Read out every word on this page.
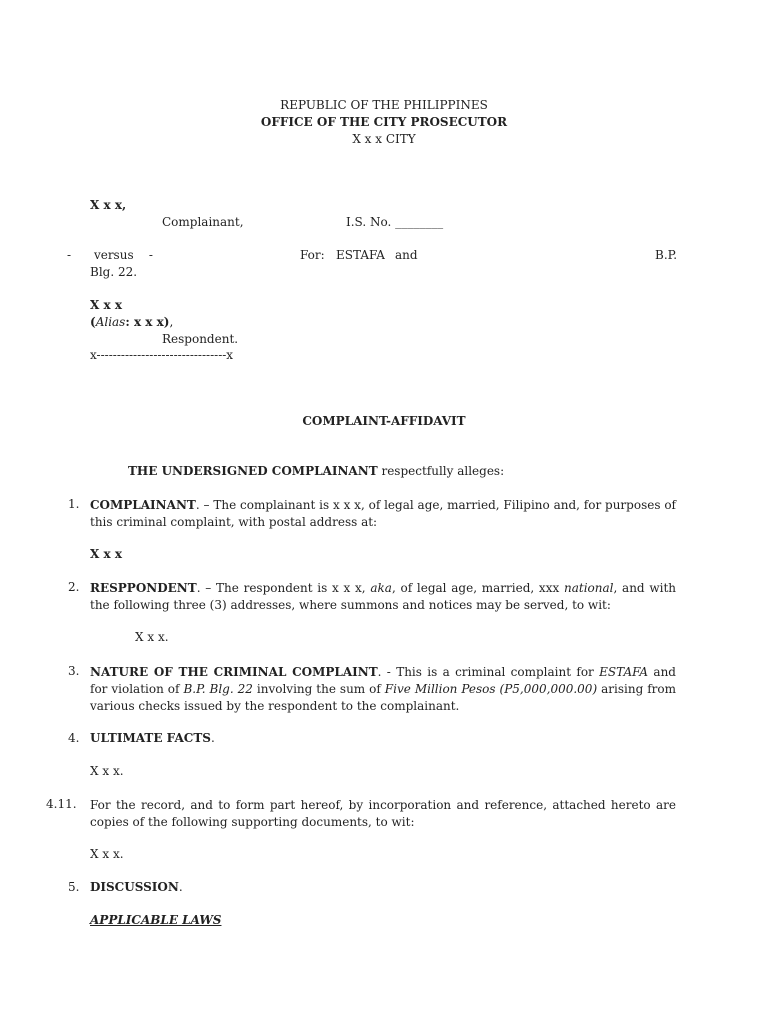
REPUBLIC OF THE PHILIPPINES
OFFICE OF THE CITY PROSECUTOR
X x x CITY
X x x,
Complainant,	I.S. No. ________
-      versus    -	For: ESTAFA and	B.P.
Blg. 22.
X x x
(Alias: x x x),
Respondent.
x--------------------------------x
COMPLAINT-AFFIDAVIT
THE UNDERSIGNED COMPLAINANT respectfully alleges:
1. COMPLAINANT. – The complainant is x x x, of legal age, married, Filipino and, for purposes of this criminal complaint, with postal address at:
X x x
2. RESPPONDENT. – The respondent is x x x, aka, of legal age, married, xxx national, and with the following three (3) addresses, where summons and notices may be served, to wit:
X x x.
3. NATURE OF THE CRIMINAL COMPLAINT. - This is a criminal complaint for ESTAFA and for violation of B.P. Blg. 22 involving the sum of Five Million Pesos (P5,000,000.00) arising from various checks issued by the respondent to the complainant.
4. ULTIMATE FACTS.
X x x.
4.11. For the record, and to form part hereof, by incorporation and reference, attached hereto are copies of the following supporting documents, to wit:
X x x.
5. DISCUSSION.
APPLICABLE LAWS
